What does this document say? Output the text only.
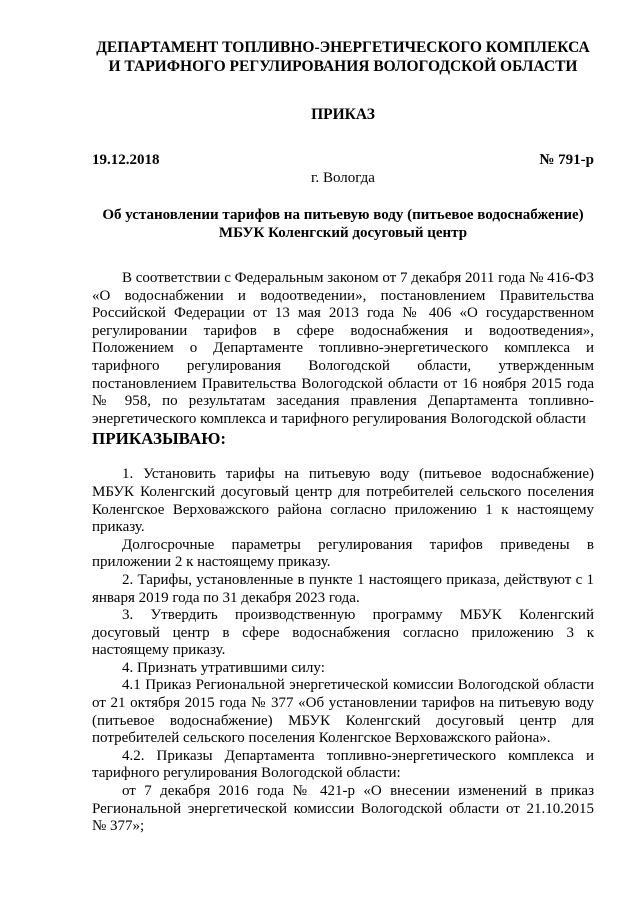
ДЕПАРТАМЕНТ ТОПЛИВНО-ЭНЕРГЕТИЧЕСКОГО КОМПЛЕКСА

И ТАРИФНОГО РЕГУЛИРОВАНИЯ ВОЛОГОДСКОЙ ОБЛАСТИ

ПРИКАЗ
19.12.2018	№ 791-р
г. Вологда
Об установлении тарифов на питьевую воду (питьевое водоснабжение)
МБУК Коленгский досуговый центр
В соответствии с Федеральным законом от 7 декабря 2011 года № 416-ФЗ «О водоснабжении и водоотведении», постановлением Правительства Российской Федерации от 13 мая 2013 года № 406 «О государственном регулировании тарифов в сфере водоснабжения и водоотведения», Положением о Департаменте топливно-энергетического комплекса и тарифного регулирования Вологодской области, утвержденным постановлением Правительства Вологодской области от 16 ноября 2015 года № 958, по результатам заседания правления Департамента топливно-энергетического комплекса и тарифного регулирования Вологодской области
ПРИКАЗЫВАЮ:

1. Установить тарифы на питьевую воду (питьевое водоснабжение) МБУК Коленгский досуговый центр для потребителей сельского поселения Коленгское Верховажского района согласно приложению 1 к настоящему приказу.

Долгосрочные параметры регулирования тарифов приведены в приложении 2 к настоящему приказу.

2. Тарифы, установленные в пункте 1 настоящего приказа, действуют с 1 января 2019 года по 31 декабря 2023 года.

3. Утвердить производственную программу МБУК Коленгский досуговый центр в сфере водоснабжения согласно приложению 3 к настоящему приказу.

4. Признать утратившими силу:

4.1 Приказ Региональной энергетической комиссии Вологодской области от 21 октября 2015 года № 377 «Об установлении тарифов на питьевую воду (питьевое водоснабжение) МБУК Коленгский досуговый центр для потребителей сельского поселения Коленгское Верховажского района».

4.2. Приказы Департамента топливно-энергетического комплекса и тарифного регулирования Вологодской области:

от 7 декабря 2016 года № 421-р «О внесении изменений в приказ Региональной энергетической комиссии Вологодской области от 21.10.2015 № 377»;
